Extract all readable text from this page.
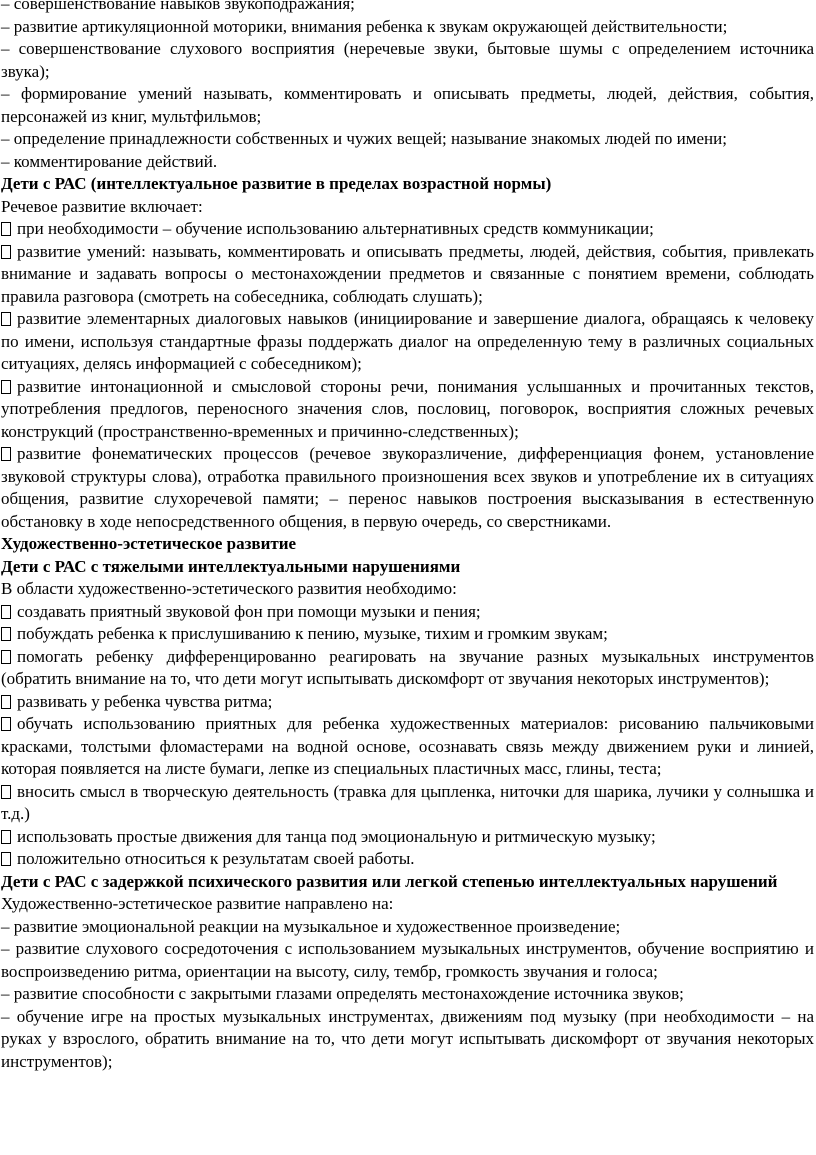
– совершенствование навыков звукоподражания;

– развитие артикуляционной моторики, внимания ребенка к звукам окружающей действительности;

– совершенствование слухового восприятия (неречевые звуки, бытовые шумы с определением источника звука);

– формирование умений называть, комментировать и описывать предметы, людей, действия, события, персонажей из книг, мультфильмов;

– определение принадлежности собственных и чужих вещей; называние знакомых людей по имени;

– комментирование действий.

Дети с РАС (интеллектуальное развитие в пределах возрастной нормы)

Речевое развитие включает:

при необходимости – обучение использованию альтернативных средств коммуникации;

развитие умений: называть, комментировать и описывать предметы, людей, действия, события, привлекать внимание и задавать вопросы о местонахождении предметов и связанные с понятием времени, соблюдать правила разговора (смотреть на собеседника, соблюдать слушать);

развитие элементарных диалоговых навыков (инициирование и завершение диалога, обращаясь к человеку по имени, используя стандартные фразы поддержать диалог на определенную тему в различных социальных ситуациях, делясь информацией с собеседником);

развитие интонационной и смысловой стороны речи, понимания услышанных и прочитанных текстов, употребления предлогов, переносного значения слов, пословиц, поговорок, восприятия сложных речевых конструкций (пространственно-временных и причинно-следственных);

развитие фонематических процессов (речевое звукоразличение, дифференциация фонем, установление звуковой структуры слова), отработка правильного произношения всех звуков и употребление их в ситуациях общения, развитие слухоречевой памяти; – перенос навыков построения высказывания в естественную обстановку в ходе непосредственного общения, в первую очередь, со сверстниками.

Художественно-эстетическое развитие

Дети с РАС с тяжелыми интеллектуальными нарушениями

В области художественно-эстетического развития необходимо:

создавать приятный звуковой фон при помощи музыки и пения;

побуждать ребенка к прислушиванию к пению, музыке, тихим и громким звукам;

помогать ребенку дифференцированно реагировать на звучание разных музыкальных инструментов (обратить внимание на то, что дети могут испытывать дискомфорт от звучания некоторых инструментов);

развивать у ребенка чувства ритма;

обучать использованию приятных для ребенка художественных материалов: рисованию пальчиковыми красками, толстыми фломастерами на водной основе, осознавать связь между движением руки и линией, которая появляется на листе бумаги, лепке из специальных пластичных масс, глины, теста;

вносить смысл в творческую деятельность (травка для цыпленка, ниточки для шарика, лучики у солнышка и т.д.)

использовать простые движения для танца под эмоциональную и ритмическую музыку;

положительно относиться к результатам своей работы.

Дети с РАС с задержкой психического развития или легкой степенью интеллектуальных нарушений

Художественно-эстетическое развитие направлено на:

– развитие эмоциональной реакции на музыкальное и художественное произведение;

– развитие слухового сосредоточения с использованием музыкальных инструментов, обучение восприятию и воспроизведению ритма, ориентации на высоту, силу, тембр, громкость звучания и голоса;

– развитие способности с закрытыми глазами определять местонахождение источника звуков;

– обучение игре на простых музыкальных инструментах, движениям под музыку (при необходимости – на руках у взрослого, обратить внимание на то, что дети могут испытывать дискомфорт от звучания некоторых инструментов);
